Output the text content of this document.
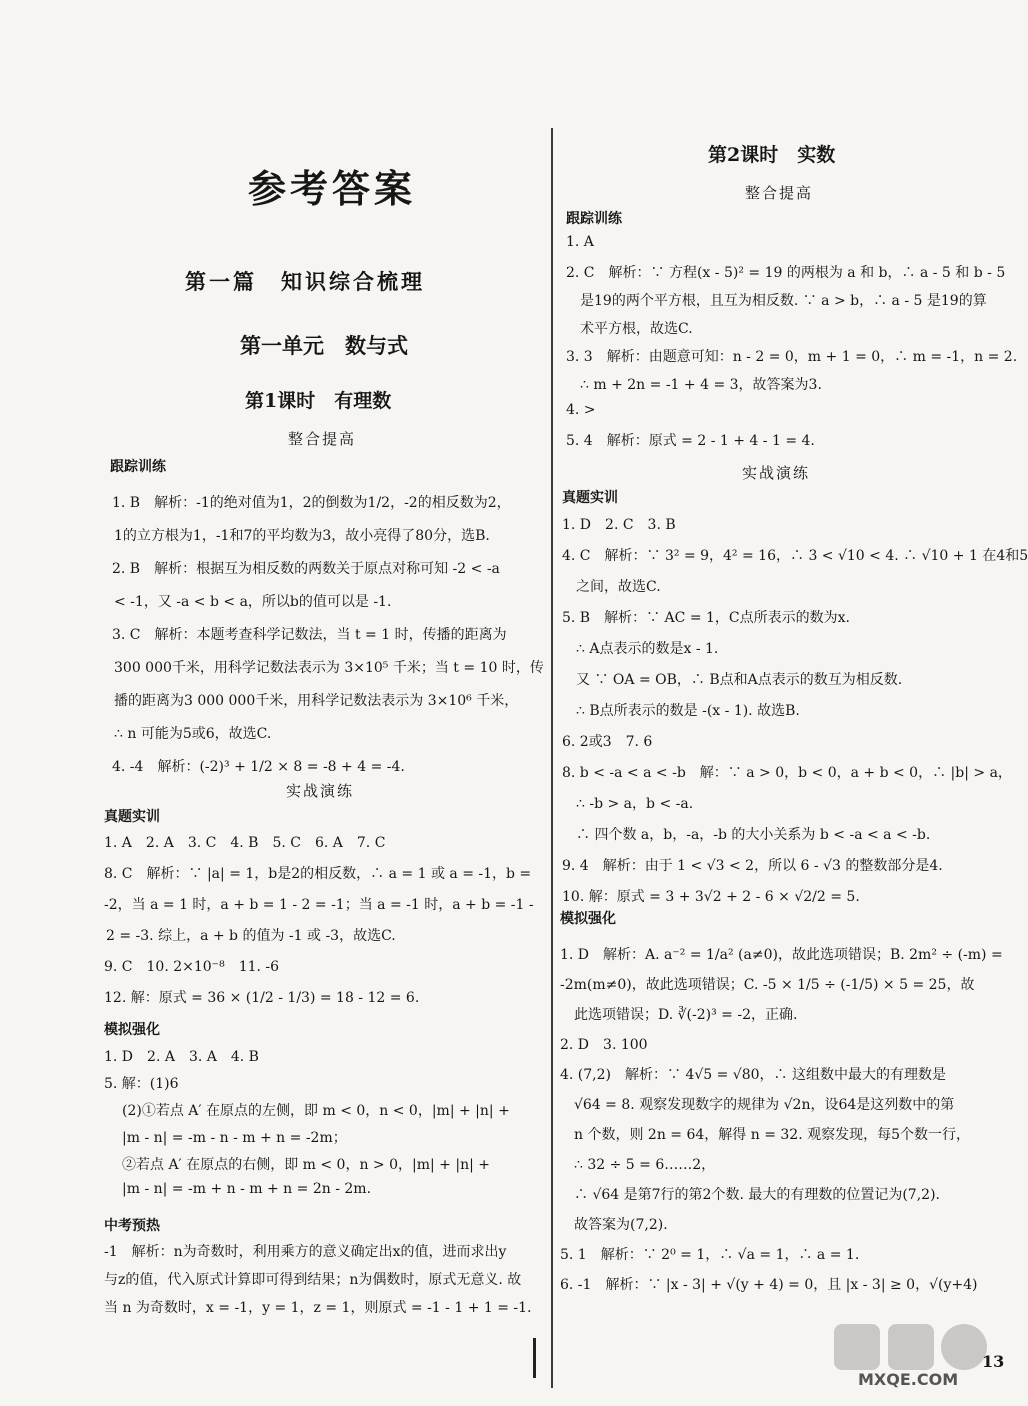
参考答案
第一篇　知识综合梳理
第一单元　数与式
第1课时　有理数
整合提高
跟踪训练
1. B　解析：-1的绝对值为1，2的倒数为1/2，-2的相反数为2，
1的立方根为1，-1和7的平均数为3，故小亮得了80分，选B.
2. B　解析：根据互为相反数的两数关于原点对称可知 -2 < -a
< -1，又 -a < b < a，所以b的值可以是 -1.
3. C　解析：本题考查科学记数法，当 t = 1 时，传播的距离为
300 000千米，用科学记数法表示为 3×10⁵ 千米；当 t = 10 时，传
播的距离为3 000 000千米，用科学记数法表示为 3×10⁶ 千米，
∴ n 可能为5或6，故选C.
4. -4　解析：(-2)³ + 1/2 × 8 = -8 + 4 = -4.
实战演练
真题实训
1. A　2. A　3. C　4. B　5. C　6. A　7. C
8. C　解析：∵ |a| = 1，b是2的相反数，∴ a = 1 或 a = -1，b =
-2，当 a = 1 时，a + b = 1 - 2 = -1；当 a = -1 时，a + b = -1 -
2 = -3. 综上，a + b 的值为 -1 或 -3，故选C.
9. C　10. 2×10⁻⁸　11. -6
12. 解：原式 = 36 × (1/2 - 1/3) = 18 - 12 = 6.
模拟强化
1. D　2. A　3. A　4. B
5. 解：(1)6
(2)①若点 A′ 在原点的左侧，即 m < 0，n < 0，|m| + |n| +
|m - n| = -m - n - m + n = -2m；
②若点 A′ 在原点的右侧，即 m < 0，n > 0，|m| + |n| +
|m - n| = -m + n - m + n = 2n - 2m.
中考预热
-1　解析：n为奇数时，利用乘方的意义确定出x的值，进而求出y
与z的值，代入原式计算即可得到结果；n为偶数时，原式无意义. 故
当 n 为奇数时，x = -1，y = 1，z = 1，则原式 = -1 - 1 + 1 = -1.
第2课时　实数
整合提高
跟踪训练
1. A
2. C　解析：∵ 方程(x - 5)² = 19 的两根为 a 和 b，∴ a - 5 和 b - 5
是19的两个平方根，且互为相反数. ∵ a > b，∴ a - 5 是19的算
术平方根，故选C.
3. 3　解析：由题意可知：n - 2 = 0，m + 1 = 0，∴ m = -1，n = 2.
∴ m + 2n = -1 + 4 = 3，故答案为3.
4. >
5. 4　解析：原式 = 2 - 1 + 4 - 1 = 4.
实战演练
真题实训
1. D　2. C　3. B
4. C　解析：∵ 3² = 9，4² = 16，∴ 3 < √10 < 4. ∴ √10 + 1 在4和5
之间，故选C.
5. B　解析：∵ AC = 1，C点所表示的数为x.
∴ A点表示的数是x - 1.
又 ∵ OA = OB，∴ B点和A点表示的数互为相反数.
∴ B点所表示的数是 -(x - 1). 故选B.
6. 2或3　7. 6
8. b < -a < a < -b　解：∵ a > 0，b < 0，a + b < 0，∴ |b| > a，
∴ -b > a，b < -a.
∴ 四个数 a，b，-a，-b 的大小关系为 b < -a < a < -b.
9. 4　解析：由于 1 < √3 < 2，所以 6 - √3 的整数部分是4.
10. 解：原式 = 3 + 3√2 + 2 - 6 × √2/2 = 5.
模拟强化
1. D　解析：A. a⁻² = 1/a² (a≠0)，故此选项错误；B. 2m² ÷ (-m) =
-2m(m≠0)，故此选项错误；C. -5 × 1/5 ÷ (-1/5) × 5 = 25，故
此选项错误；D. ∛(-2)³ = -2，正确.
2. D　3. 100
4. (7,2)　解析：∵ 4√5 = √80，∴ 这组数中最大的有理数是
√64 = 8. 观察发现数字的规律为 √2n，设64是这列数中的第
n 个数，则 2n = 64，解得 n = 32. 观察发现，每5个数一行，
∴ 32 ÷ 5 = 6……2，
∴ √64 是第7行的第2个数. 最大的有理数的位置记为(7,2).
故答案为(7,2).
5. 1　解析：∵ 2⁰ = 1，∴ √a = 1，∴ a = 1.
6. -1　解析：∵ |x - 3| + √(y + 4) = 0，且 |x - 3| ≥ 0，√(y+4)
13
MXQE.COM
